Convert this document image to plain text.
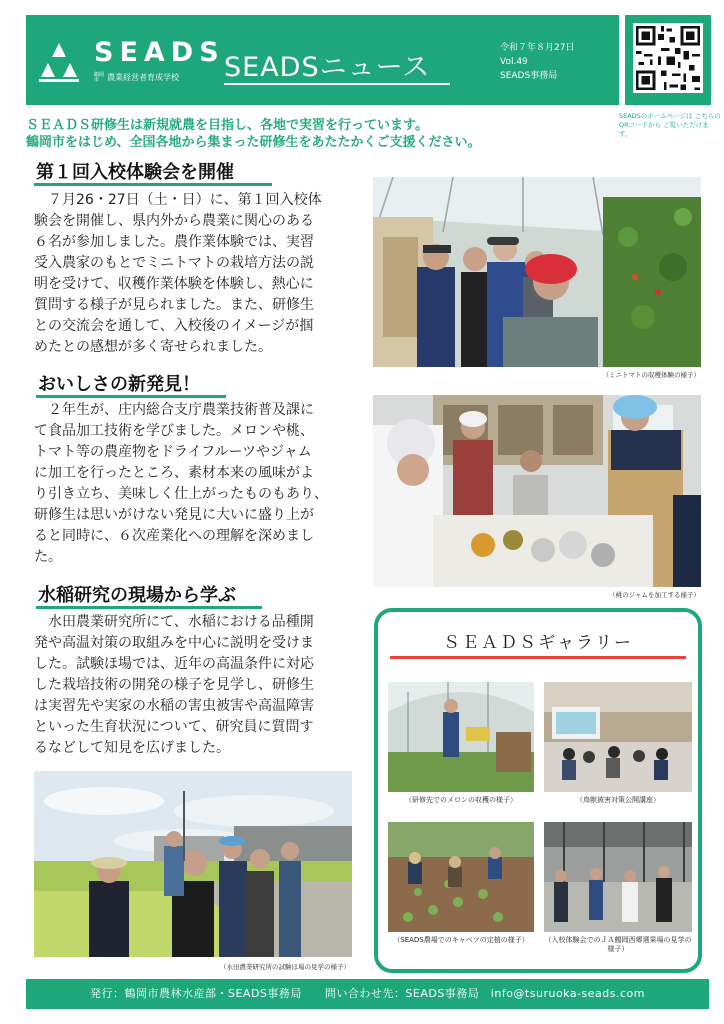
SEADS
鶴岡市 農業経営者育成学校 SEADSニュース
令和７年８月27日
Vol.49
SEADS事務局
SEADSのホームページは こちらのQRコードから ご覧いただけます。
ＳＥＡＤＳ研修生は新規就農を目指し、各地で実習を行っています。
鶴岡市をはじめ、全国各地から集まった研修生をあたたかくご支援ください。
第１回入校体験会を開催
７月26・27日（土・日）に、第１回入校体
験会を開催し、県内外から農業に関心のある
６名が参加しました。農作業体験では、実習
受入農家のもとでミニトマトの栽培方法の説
明を受けて、収穫作業体験を体験し、熱心に
質問する様子が見られました。また、研修生
との交流会を通して、入校後のイメージが掴
めたとの感想が多く寄せられました。
おいしさの新発見！
２年生が、庄内総合支庁農業技術普及課に
て食品加工技術を学びました。メロンや桃、
トマト等の農産物をドライフルーツやジャム
に加工を行ったところ、素材本来の風味がよ
り引き立ち、美味しく仕上がったものもあり、
研修生は思いがけない発見に大いに盛り上が
ると同時に、６次産業化への理解を深めまし
た。
水稲研究の現場から学ぶ
水田農業研究所にて、水稲における品種開
発や高温対策の取組みを中心に説明を受けま
した。試験ほ場では、近年の高温条件に対応
した栽培技術の開発の様子を見学し、研修生
は実習先や実家の水稲の害虫被害や高温障害
といった生育状況について、研究員に質問す
るなどして知見を広げました。
（ミニトマトの収穫体験の様子）
（桃のジャムを加工する様子）
（水田農業研究所の試験ほ場の見学の様子）
ＳＥＡＤＳギャラリー
（研修先でのメロンの収穫の様子）	（鳥獣被害対策公開講座）
（SEADS農場でのキャベツの定植の様子）	（入校体験会でのＪＡ鶴岡西郷選果場の見学の様子）
発行：鶴岡市農林水産部・SEADS事務局　　問い合わせ先：SEADS事務局　info@tsuruoka-seads.com
